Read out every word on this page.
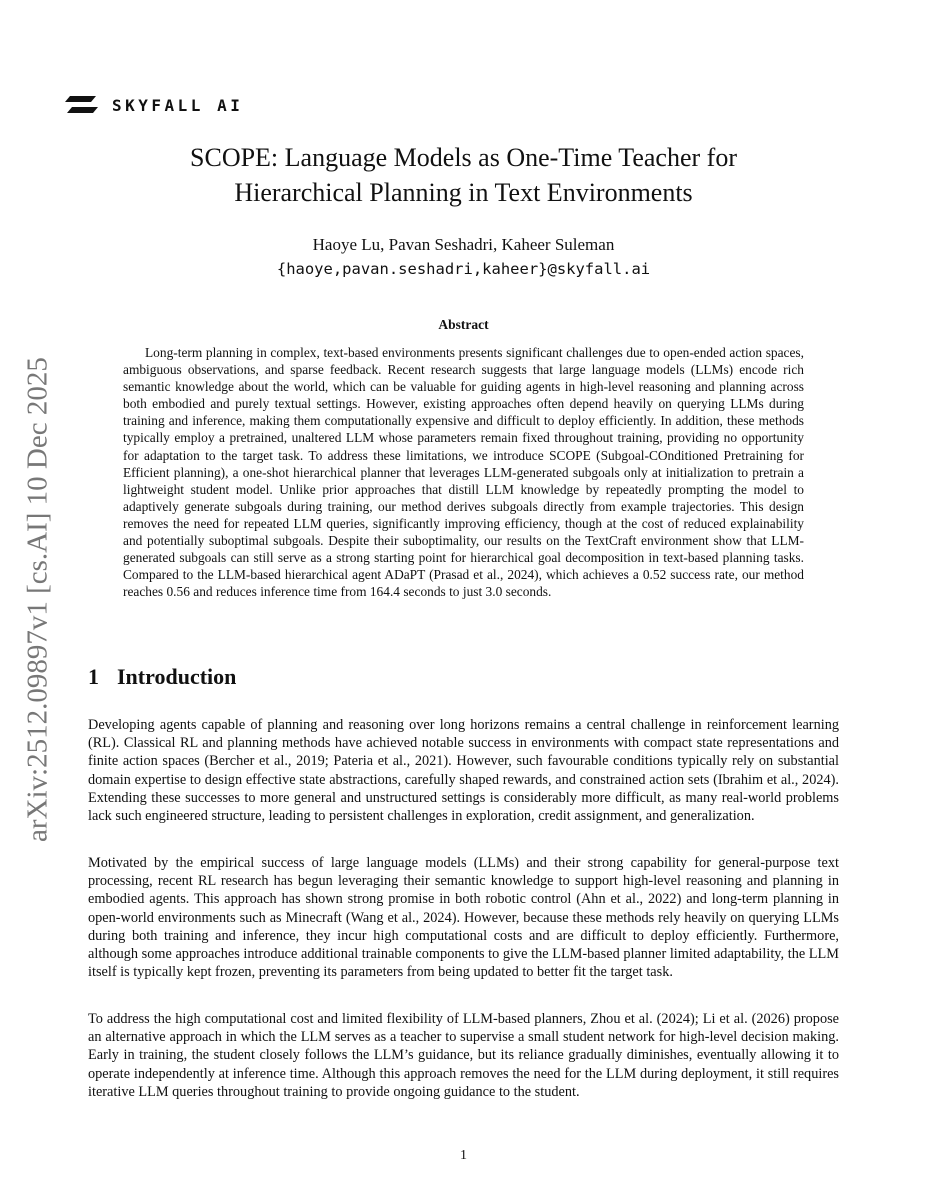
SKYFALL AI
arXiv:2512.09897v1 [cs.AI] 10 Dec 2025
SCOPE: Language Models as One-Time Teacher for
Hierarchical Planning in Text Environments
Haoye Lu, Pavan Seshadri, Kaheer Suleman
{haoye,pavan.seshadri,kaheer}@skyfall.ai
Abstract

Long-term planning in complex, text-based environments presents significant challenges due to open-ended action spaces, ambiguous observations, and sparse feedback. Recent research suggests that large language models (LLMs) encode rich semantic knowledge about the world, which can be valuable for guiding agents in high-level reasoning and planning across both embodied and purely textual settings. However, existing approaches often depend heavily on querying LLMs during training and inference, making them computationally expensive and difficult to deploy efficiently. In addition, these methods typically employ a pretrained, unaltered LLM whose parameters remain fixed throughout training, providing no opportunity for adaptation to the target task. To address these limitations, we introduce SCOPE (Subgoal-COnditioned Pretraining for Efficient planning), a one-shot hierarchical planner that leverages LLM-generated subgoals only at initialization to pretrain a lightweight student model. Unlike prior approaches that distill LLM knowledge by repeatedly prompting the model to adaptively generate subgoals during training, our method derives subgoals directly from example trajectories. This design removes the need for repeated LLM queries, significantly improving efficiency, though at the cost of reduced explainability and potentially suboptimal subgoals. Despite their suboptimality, our results on the TextCraft environment show that LLM-generated subgoals can still serve as a strong starting point for hierarchical goal decomposition in text-based planning tasks. Compared to the LLM-based hierarchical agent ADaPT (Prasad et al., 2024), which achieves a 0.52 success rate, our method reaches 0.56 and reduces inference time from 164.4 seconds to just 3.0 seconds.

1 Introduction

Developing agents capable of planning and reasoning over long horizons remains a central challenge in reinforcement learning (RL). Classical RL and planning methods have achieved notable success in environments with compact state representations and finite action spaces (Bercher et al., 2019; Pateria et al., 2021). However, such favourable conditions typically rely on substantial domain expertise to design effective state abstractions, carefully shaped rewards, and constrained action sets (Ibrahim et al., 2024). Extending these successes to more general and unstructured settings is considerably more difficult, as many real-world problems lack such engineered structure, leading to persistent challenges in exploration, credit assignment, and generalization.

Motivated by the empirical success of large language models (LLMs) and their strong capability for general-purpose text processing, recent RL research has begun leveraging their semantic knowledge to support high-level reasoning and planning in embodied agents. This approach has shown strong promise in both robotic control (Ahn et al., 2022) and long-term planning in open-world environments such as Minecraft (Wang et al., 2024). However, because these methods rely heavily on querying LLMs during both training and inference, they incur high computational costs and are difficult to deploy efficiently. Furthermore, although some approaches introduce additional trainable components to give the LLM-based planner limited adaptability, the LLM itself is typically kept frozen, preventing its parameters from being updated to better fit the target task.

To address the high computational cost and limited flexibility of LLM-based planners, Zhou et al. (2024); Li et al. (2026) propose an alternative approach in which the LLM serves as a teacher to supervise a small student network for high-level decision making. Early in training, the student closely follows the LLM’s guidance, but its reliance gradually diminishes, eventually allowing it to operate independently at inference time. Although this approach removes the need for the LLM during deployment, it still requires iterative LLM queries throughout training to provide ongoing guidance to the student.

1
